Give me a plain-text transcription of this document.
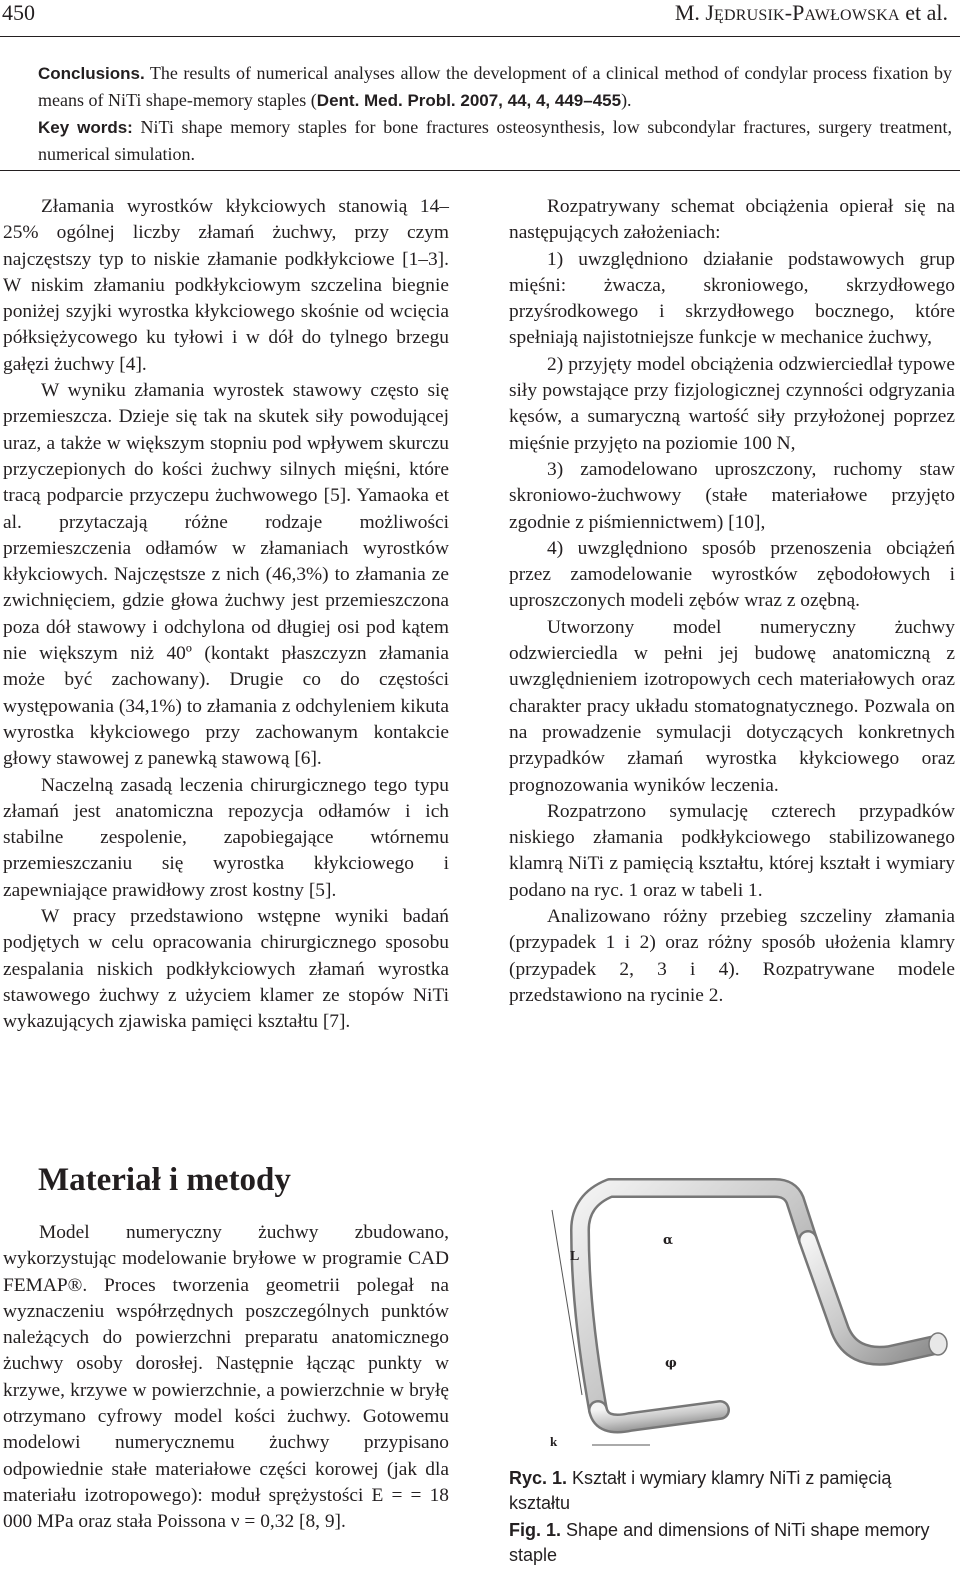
450	M. JĘDRUSIK-PAWŁOWSKA et al.
Conclusions. The results of numerical analyses allow the development of a clinical method of condylar process fixation by means of NiTi shape-memory staples (Dent. Med. Probl. 2007, 44, 4, 449–455).
Key words: NiTi shape memory staples for bone fractures osteosynthesis, low subcondylar fractures, surgery treatment, numerical simulation.

Złamania wyrostków kłykciowych stanowią 14–25% ogólnej liczby złamań żuchwy, przy czym najczęstszy typ to niskie złamanie podkłykciowe [1–3]. W niskim złamaniu podkłykciowym szczelina biegnie poniżej szyjki wyrostka kłykciowego skośnie od wcięcia półksiężycowego ku tyłowi i w dół do tylnego brzegu gałęzi żuchwy [4].

W wyniku złamania wyrostek stawowy często się przemieszcza. Dzieje się tak na skutek siły powodującej uraz, a także w większym stopniu pod wpływem skurczu przyczepionych do kości żuchwy silnych mięśni, które tracą podparcie przyczepu żuchwowego [5]. Yamaoka et al. przytaczają różne rodzaje możliwości przemieszczenia odłamów w złamaniach wyrostków kłykciowych. Najczęstsze z nich (46,3%) to złamania ze zwichnięciem, gdzie głowa żuchwy jest przemieszczona poza dół stawowy i odchylona od długiej osi pod kątem nie większym niż 40º (kontakt płaszczyzn złamania może być zachowany). Drugie co do częstości występowania (34,1%) to złamania z odchyleniem kikuta wyrostka kłykciowego przy zachowanym kontakcie głowy stawowej z panewką stawową [6].

Naczelną zasadą leczenia chirurgicznego tego typu złamań jest anatomiczna repozycja odłamów i ich stabilne zespolenie, zapobiegające wtórnemu przemieszczaniu się wyrostka kłykciowego i zapewniające prawidłowy zrost kostny [5].

W pracy przedstawiono wstępne wyniki badań podjętych w celu opracowania chirurgicznego sposobu zespalania niskich podkłykciowych złamań wyrostka stawowego żuchwy z użyciem klamer ze stopów NiTi wykazujących zjawiska pamięci kształtu [7].

Materiał i metody

Model numeryczny żuchwy zbudowano, wykorzystując modelowanie bryłowe w programie CAD FEMAP®. Proces tworzenia geometrii polegał na wyznaczeniu współrzędnych poszczególnych punktów należących do powierzchni preparatu anatomicznego żuchwy osoby dorosłej. Następnie łącząc punkty w krzywe, krzywe w powierzchnie, a powierzchnie w bryłę otrzymano cyfrowy model kości żuchwy. Gotowemu modelowi numerycznemu żuchwy przypisano odpowiednie stałe materiałowe części korowej (jak dla materiału izotropowego): moduł sprężystości E = = 18 000 MPa oraz stała Poissona ν = 0,32 [8, 9].

Rozpatrywany schemat obciążenia opierał się na następujących założeniach:

1) uwzględniono działanie podstawowych grup mięśni: żwacza, skroniowego, skrzydłowego przyśrodkowego i skrzydłowego bocznego, które spełniają najistotniejsze funkcje w mechanice żuchwy,

2) przyjęty model obciążenia odzwierciedlał typowe siły powstające przy fizjologicznej czynności odgryzania kęsów, a sumaryczną wartość siły przyłożonej poprzez mięśnie przyjęto na poziomie 100 N,

3) zamodelowano uproszczony, ruchomy staw skroniowo-żuchwowy (stałe materiałowe przyjęto zgodnie z piśmiennictwem) [10],

4) uwzględniono sposób przenoszenia obciążeń przez zamodelowanie wyrostków zębodołowych i uproszczonych modeli zębów wraz z ozębną.

Utworzony model numeryczny żuchwy odzwierciedla w pełni jej budowę anatomiczną z uwzględnieniem izotropowych cech materiałowych oraz charakter pracy układu stomatognatycznego. Pozwala on na prowadzenie symulacji dotyczących konkretnych przypadków złamań wyrostka kłykciowego oraz prognozowania wyników leczenia.

Rozpatrzono symulację czterech przypadków niskiego złamania podkłykciowego stabilizowanego klamrą NiTi z pamięcią kształtu, której kształt i wymiary podano na ryc. 1 oraz w tabeli 1.

Analizowano różny przebieg szczeliny złamania (przypadek 1 i 2) oraz różny sposób ułożenia klamry (przypadek 2, 3 i 4). Rozpatrywane modele przedstawiono na rycinie 2.

L
α
φ
k
Ryc. 1. Kształt i wymiary klamry NiTi z pamięcią kształtu
Fig. 1. Shape and dimensions of NiTi shape memory staple
